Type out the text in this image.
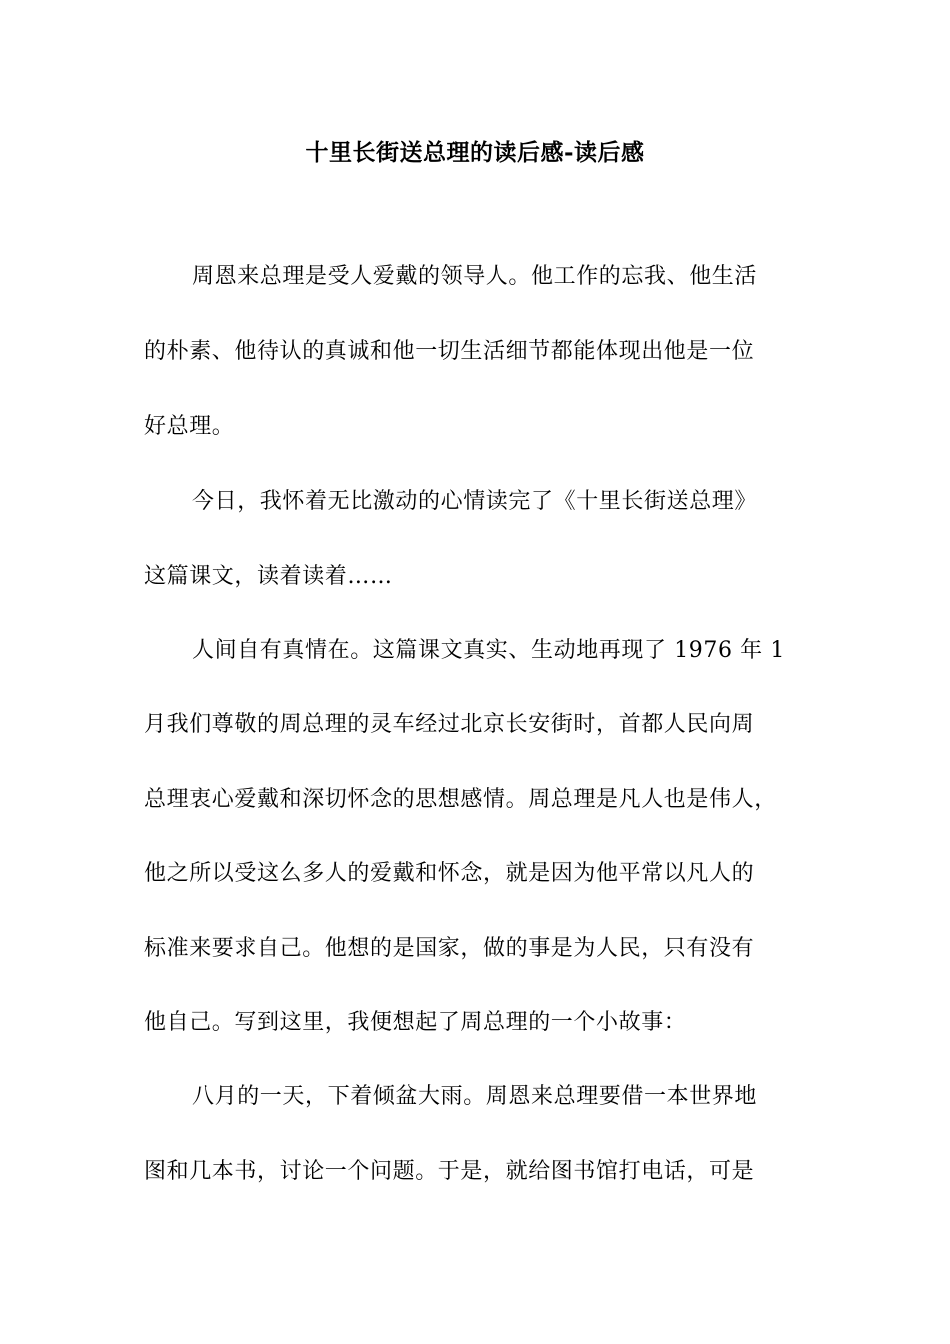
十里长街送总理的读后感-读后感
周恩来总理是受人爱戴的领导人。他工作的忘我、他生活
的朴素、他待认的真诚和他一切生活细节都能体现出他是一位
好总理。
今日，我怀着无比激动的心情读完了《十里长街送总理》
这篇课文，读着读着……
人间自有真情在。这篇课文真实、生动地再现了 1976 年 1
月我们尊敬的周总理的灵车经过北京长安街时，首都人民向周
总理衷心爱戴和深切怀念的思想感情。周总理是凡人也是伟人，
他之所以受这么多人的爱戴和怀念，就是因为他平常以凡人的
标准来要求自己。他想的是国家，做的事是为人民，只有没有
他自己。写到这里，我便想起了周总理的一个小故事：
八月的一天，下着倾盆大雨。周恩来总理要借一本世界地
图和几本书，讨论一个问题。于是，就给图书馆打电话，可是
